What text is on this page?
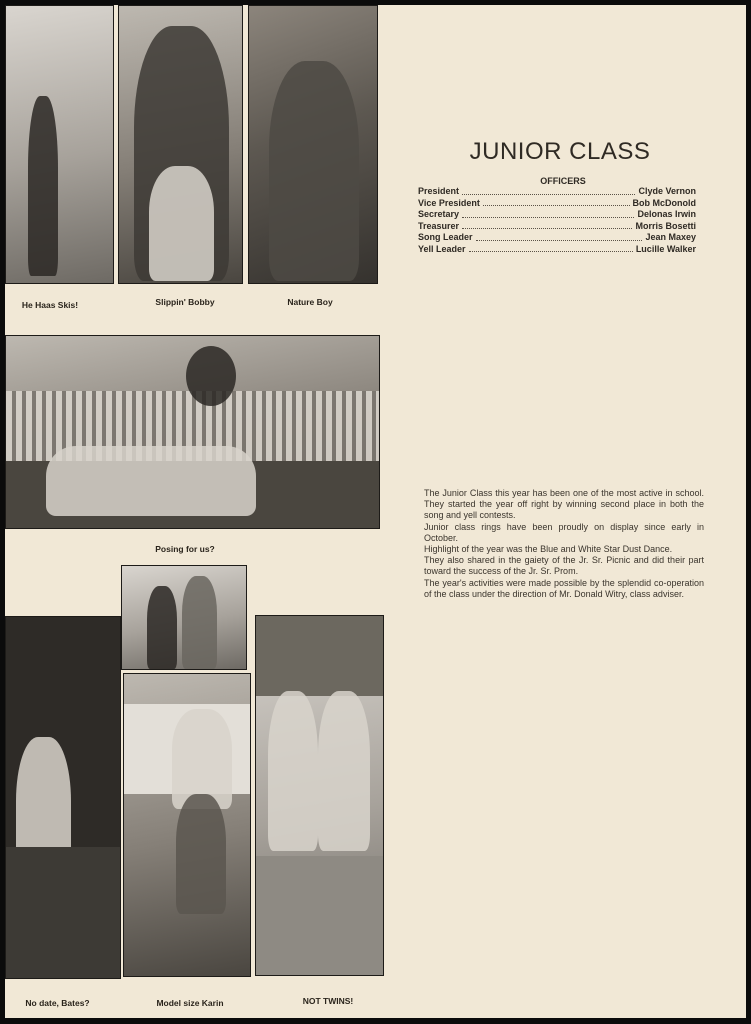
He Haas Skis!	Slippin' Bobby	Nature Boy
Posing for us?
No date, Bates?	Model size Karin	NOT TWINS!
JUNIOR CLASS
OFFICERS
President	Clyde Vernon
Vice President	Bob McDonold
Secretary	Delonas Irwin
Treasurer	Morris Bosetti
Song Leader	Jean Maxey
Yell Leader	Lucille Walker

The Junior Class this year has been one of the most active in school. They started the year off right by winning second place in both the song and yell contests.

Junior class rings have been proudly on display since early in October.

Highlight of the year was the Blue and White Star Dust Dance.

They also shared in the gaiety of the Jr. Sr. Picnic and did their part toward the success of the Jr. Sr. Prom.

The year's activities were made possible by the splendid co-operation of the class under the direction of Mr. Donald Witry, class adviser.
